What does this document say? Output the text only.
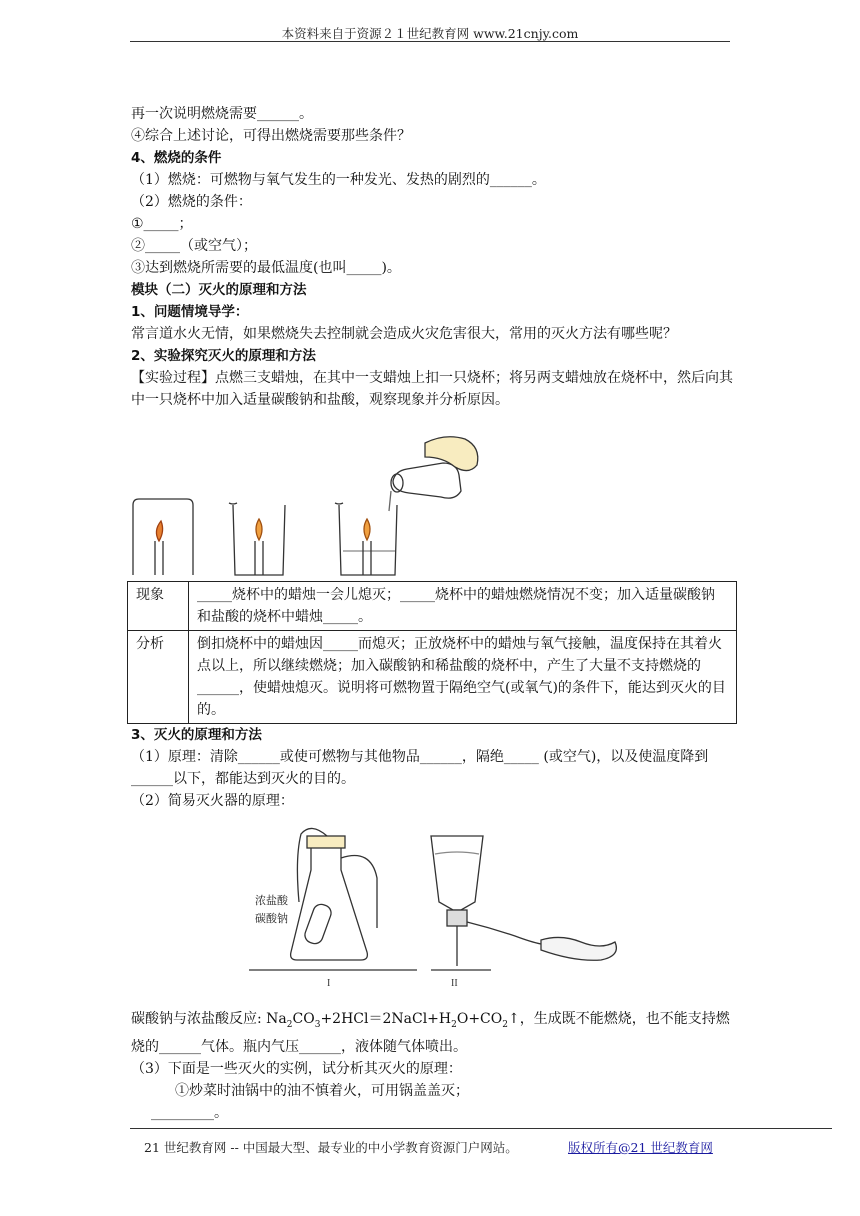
本资料来自于资源２１世纪教育网 www.21cnjy.com
再一次说明燃烧需要______。
④综合上述讨论，可得出燃烧需要那些条件？
4、燃烧的条件
（1）燃烧：可燃物与氧气发生的一种发光、发热的剧烈的______。
（2）燃烧的条件：
①_____；
②_____（或空气）；
③达到燃烧所需要的最低温度(也叫_____)。
模块（二）灭火的原理和方法
1、问题情境导学：
常言道水火无情，如果燃烧失去控制就会造成火灾危害很大，常用的灭火方法有哪些呢？
2、实验探究灭火的原理和方法
【实验过程】点燃三支蜡烛，在其中一支蜡烛上扣一只烧杯；将另两支蜡烛放在烧杯中，然后向其中一只烧杯中加入适量碳酸钠和盐酸，观察现象并分析原因。
现象	_____烧杯中的蜡烛一会儿熄灭；_____烧杯中的蜡烛燃烧情况不变；加入适量碳酸钠和盐酸的烧杯中蜡烛_____。
分析	倒扣烧杯中的蜡烛因_____而熄灭；正放烧杯中的蜡烛与氧气接触，温度保持在其着火点以上，所以继续燃烧；加入碳酸钠和稀盐酸的烧杯中，产生了大量不支持燃烧的______，使蜡烛熄灭。说明将可燃物置于隔绝空气(或氧气)的条件下，能达到灭火的目的。
3、灭火的原理和方法
（1）原理：清除______或使可燃物与其他物品______，隔绝_____ (或空气)，以及使温度降到______以下，都能达到灭火的目的。
（2）简易灭火器的原理：
浓盐酸
碳酸钠
I	II
碳酸钠与浓盐酸反应: $Na_2CO_3+2HCl=2NaCl+H_2O+CO_2↑$，生成既不能燃烧，也不能支持燃烧的______气体。瓶内气压______，液体随气体喷出。
（3）下面是一些灭火的实例，试分析其灭火的原理：
①炒菜时油锅中的油不慎着火，可用锅盖盖灭；
_________。
21 世纪教育网 -- 中国最大型、最专业的中小学教育资源门户网站。	版权所有@21 世纪教育网
